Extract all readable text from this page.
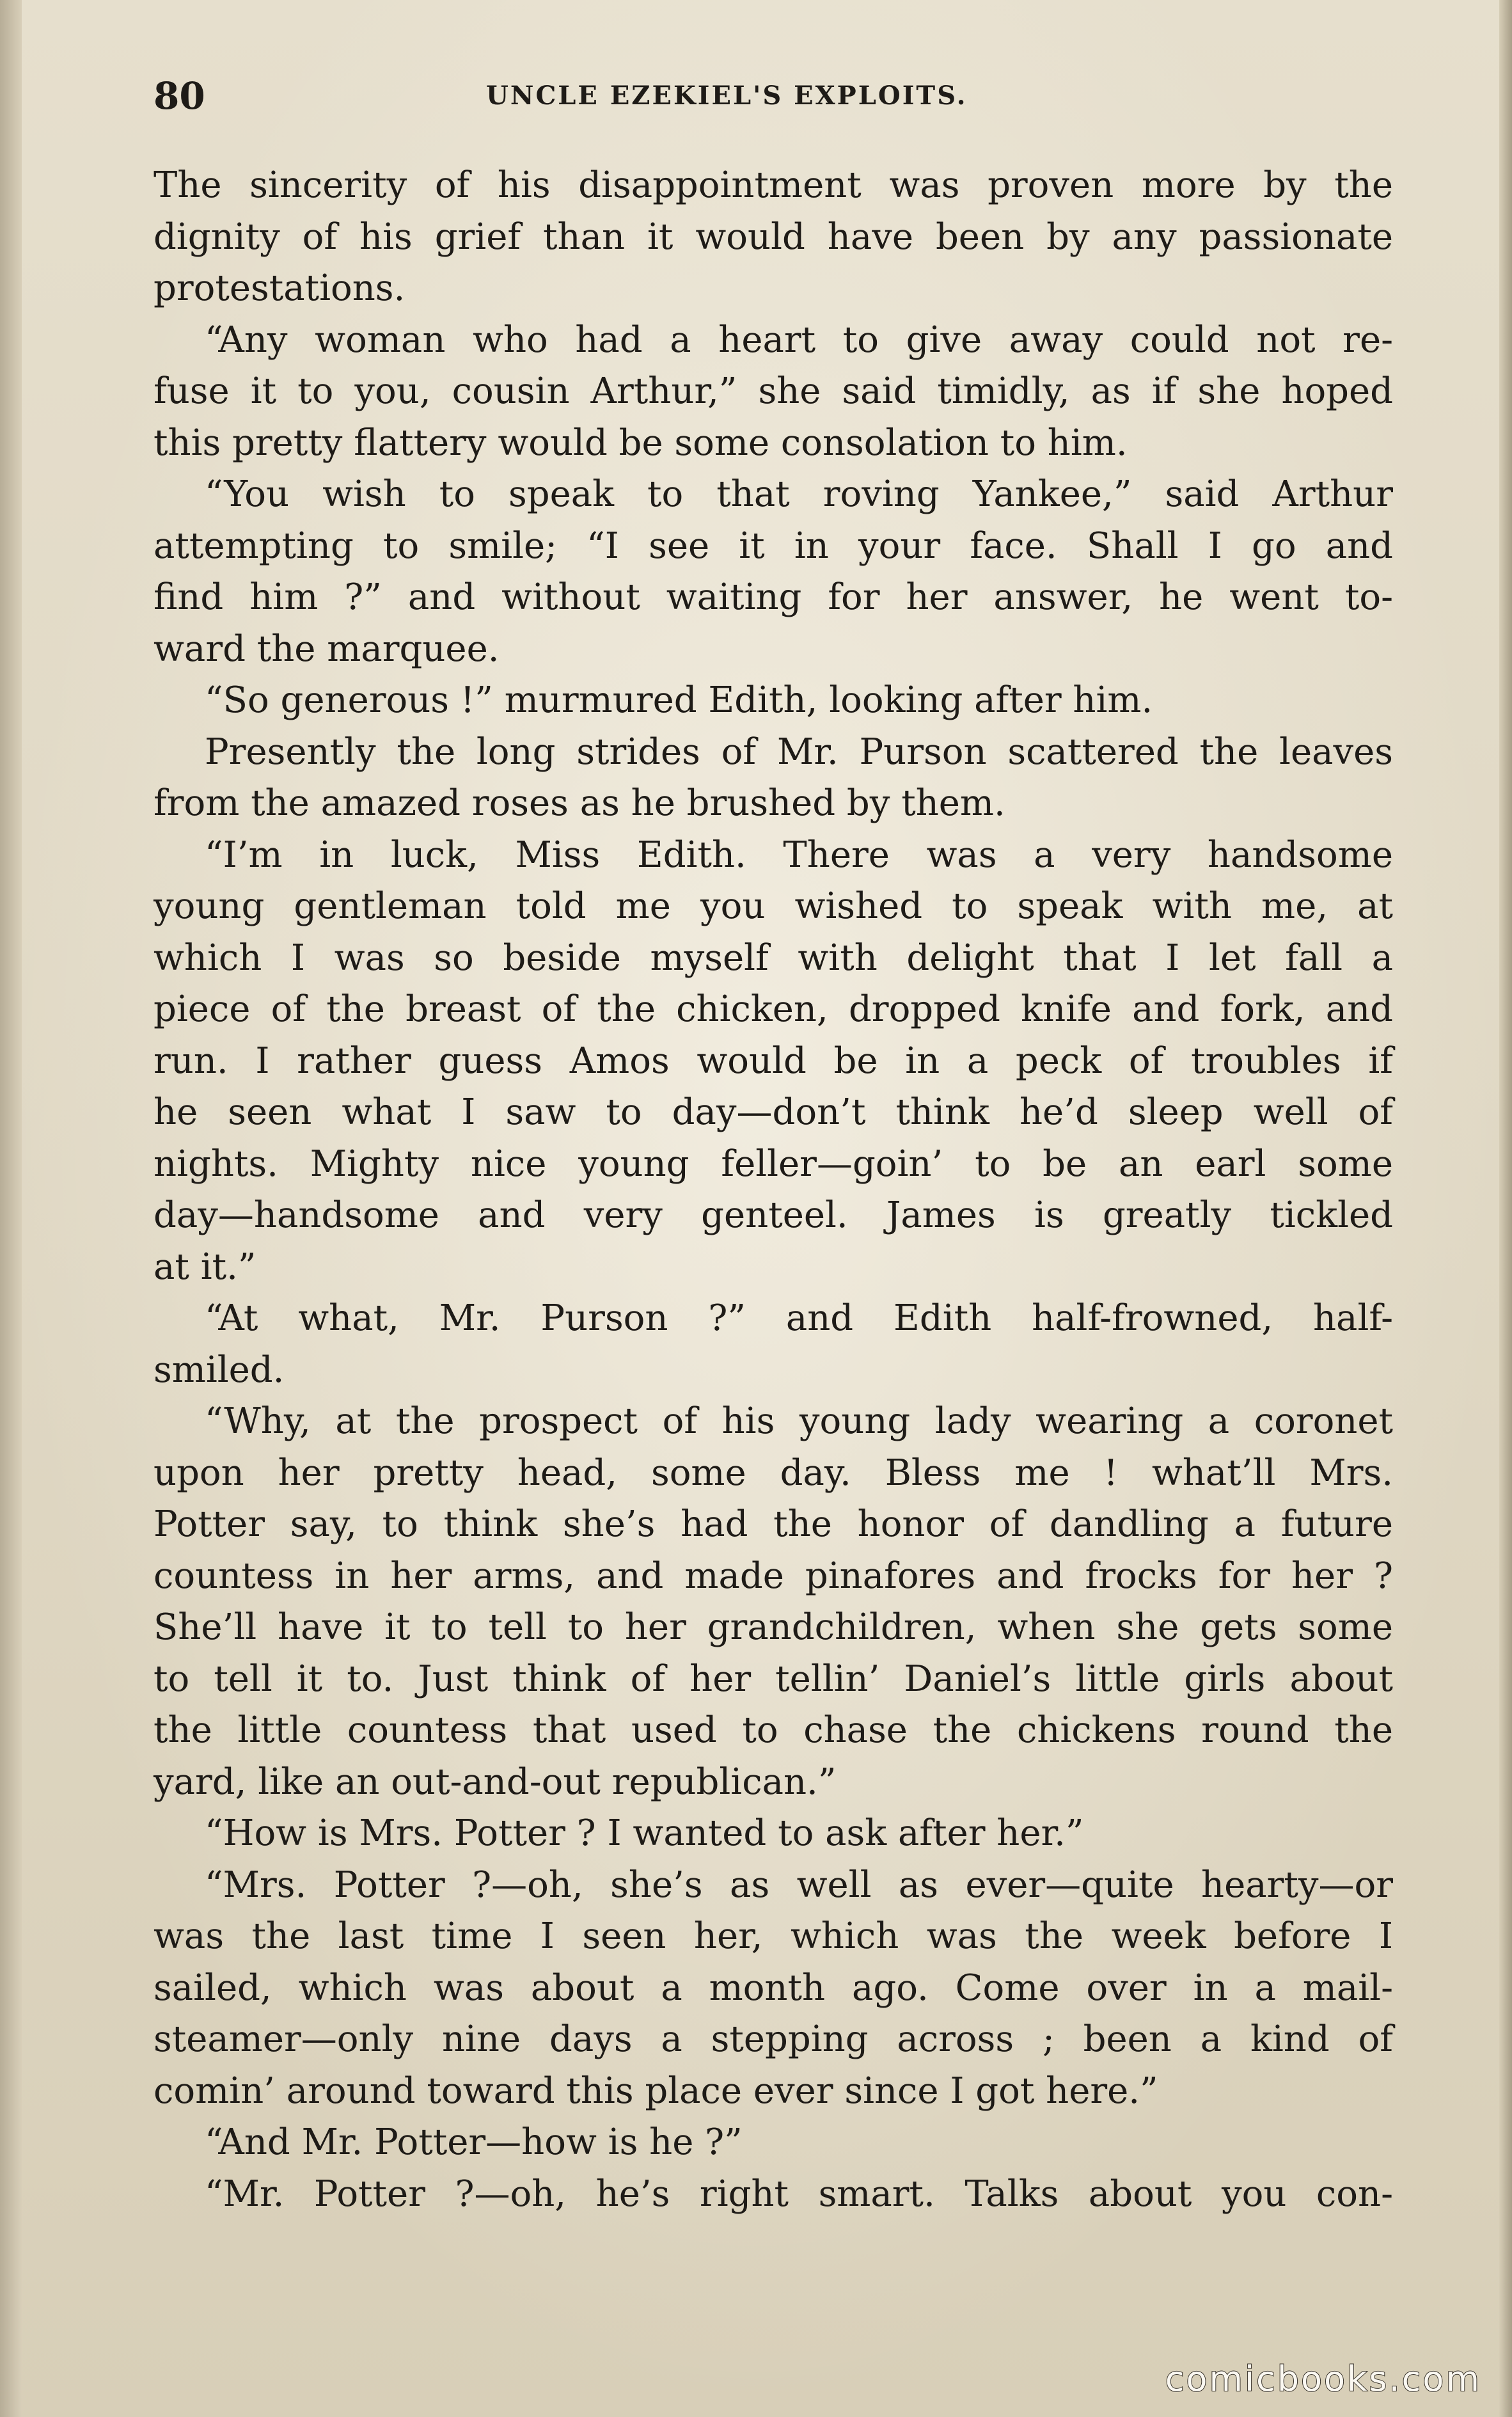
80	UNCLE EZEKIEL'S EXPLOITS.
The sincerity of his disappointment was proven more by the
dignity of his grief than it would have been by any passionate
protestations.
“Any woman who had a heart to give away could not re-
fuse it to you, cousin Arthur,” she said timidly, as if she hoped
this pretty flattery would be some consolation to him.
“You wish to speak to that roving Yankee,” said Arthur
attempting to smile; “I see it in your face. Shall I go and
find him ?” and without waiting for her answer, he went to-
ward the marquee.
“So generous !” murmured Edith, looking after him.
Presently the long strides of Mr. Purson scattered the leaves
from the amazed roses as he brushed by them.
“I’m in luck, Miss Edith. There was a very handsome
young gentleman told me you wished to speak with me, at
which I was so beside myself with delight that I let fall a
piece of the breast of the chicken, dropped knife and fork, and
run. I rather guess Amos would be in a peck of troubles if
he seen what I saw to day—don’t think he’d sleep well of
nights. Mighty nice young feller—goin’ to be an earl some
day—handsome and very genteel. James is greatly tickled
at it.”
“At what, Mr. Purson ?” and Edith half-frowned, half-
smiled.
“Why, at the prospect of his young lady wearing a coronet
upon her pretty head, some day. Bless me ! what’ll Mrs.
Potter say, to think she’s had the honor of dandling a future
countess in her arms, and made pinafores and frocks for her ?
She’ll have it to tell to her grandchildren, when she gets some
to tell it to. Just think of her tellin’ Daniel’s little girls about
the little countess that used to chase the chickens round the
yard, like an out-and-out republican.”
“How is Mrs. Potter ? I wanted to ask after her.”
“Mrs. Potter ?—oh, she’s as well as ever—quite hearty—or
was the last time I seen her, which was the week before I
sailed, which was about a month ago. Come over in a mail-
steamer—only nine days a stepping across ; been a kind of
comin’ around toward this place ever since I got here.”
“And Mr. Potter—how is he ?”
“Mr. Potter ?—oh, he’s right smart. Talks about you con-
comicbooks.com
